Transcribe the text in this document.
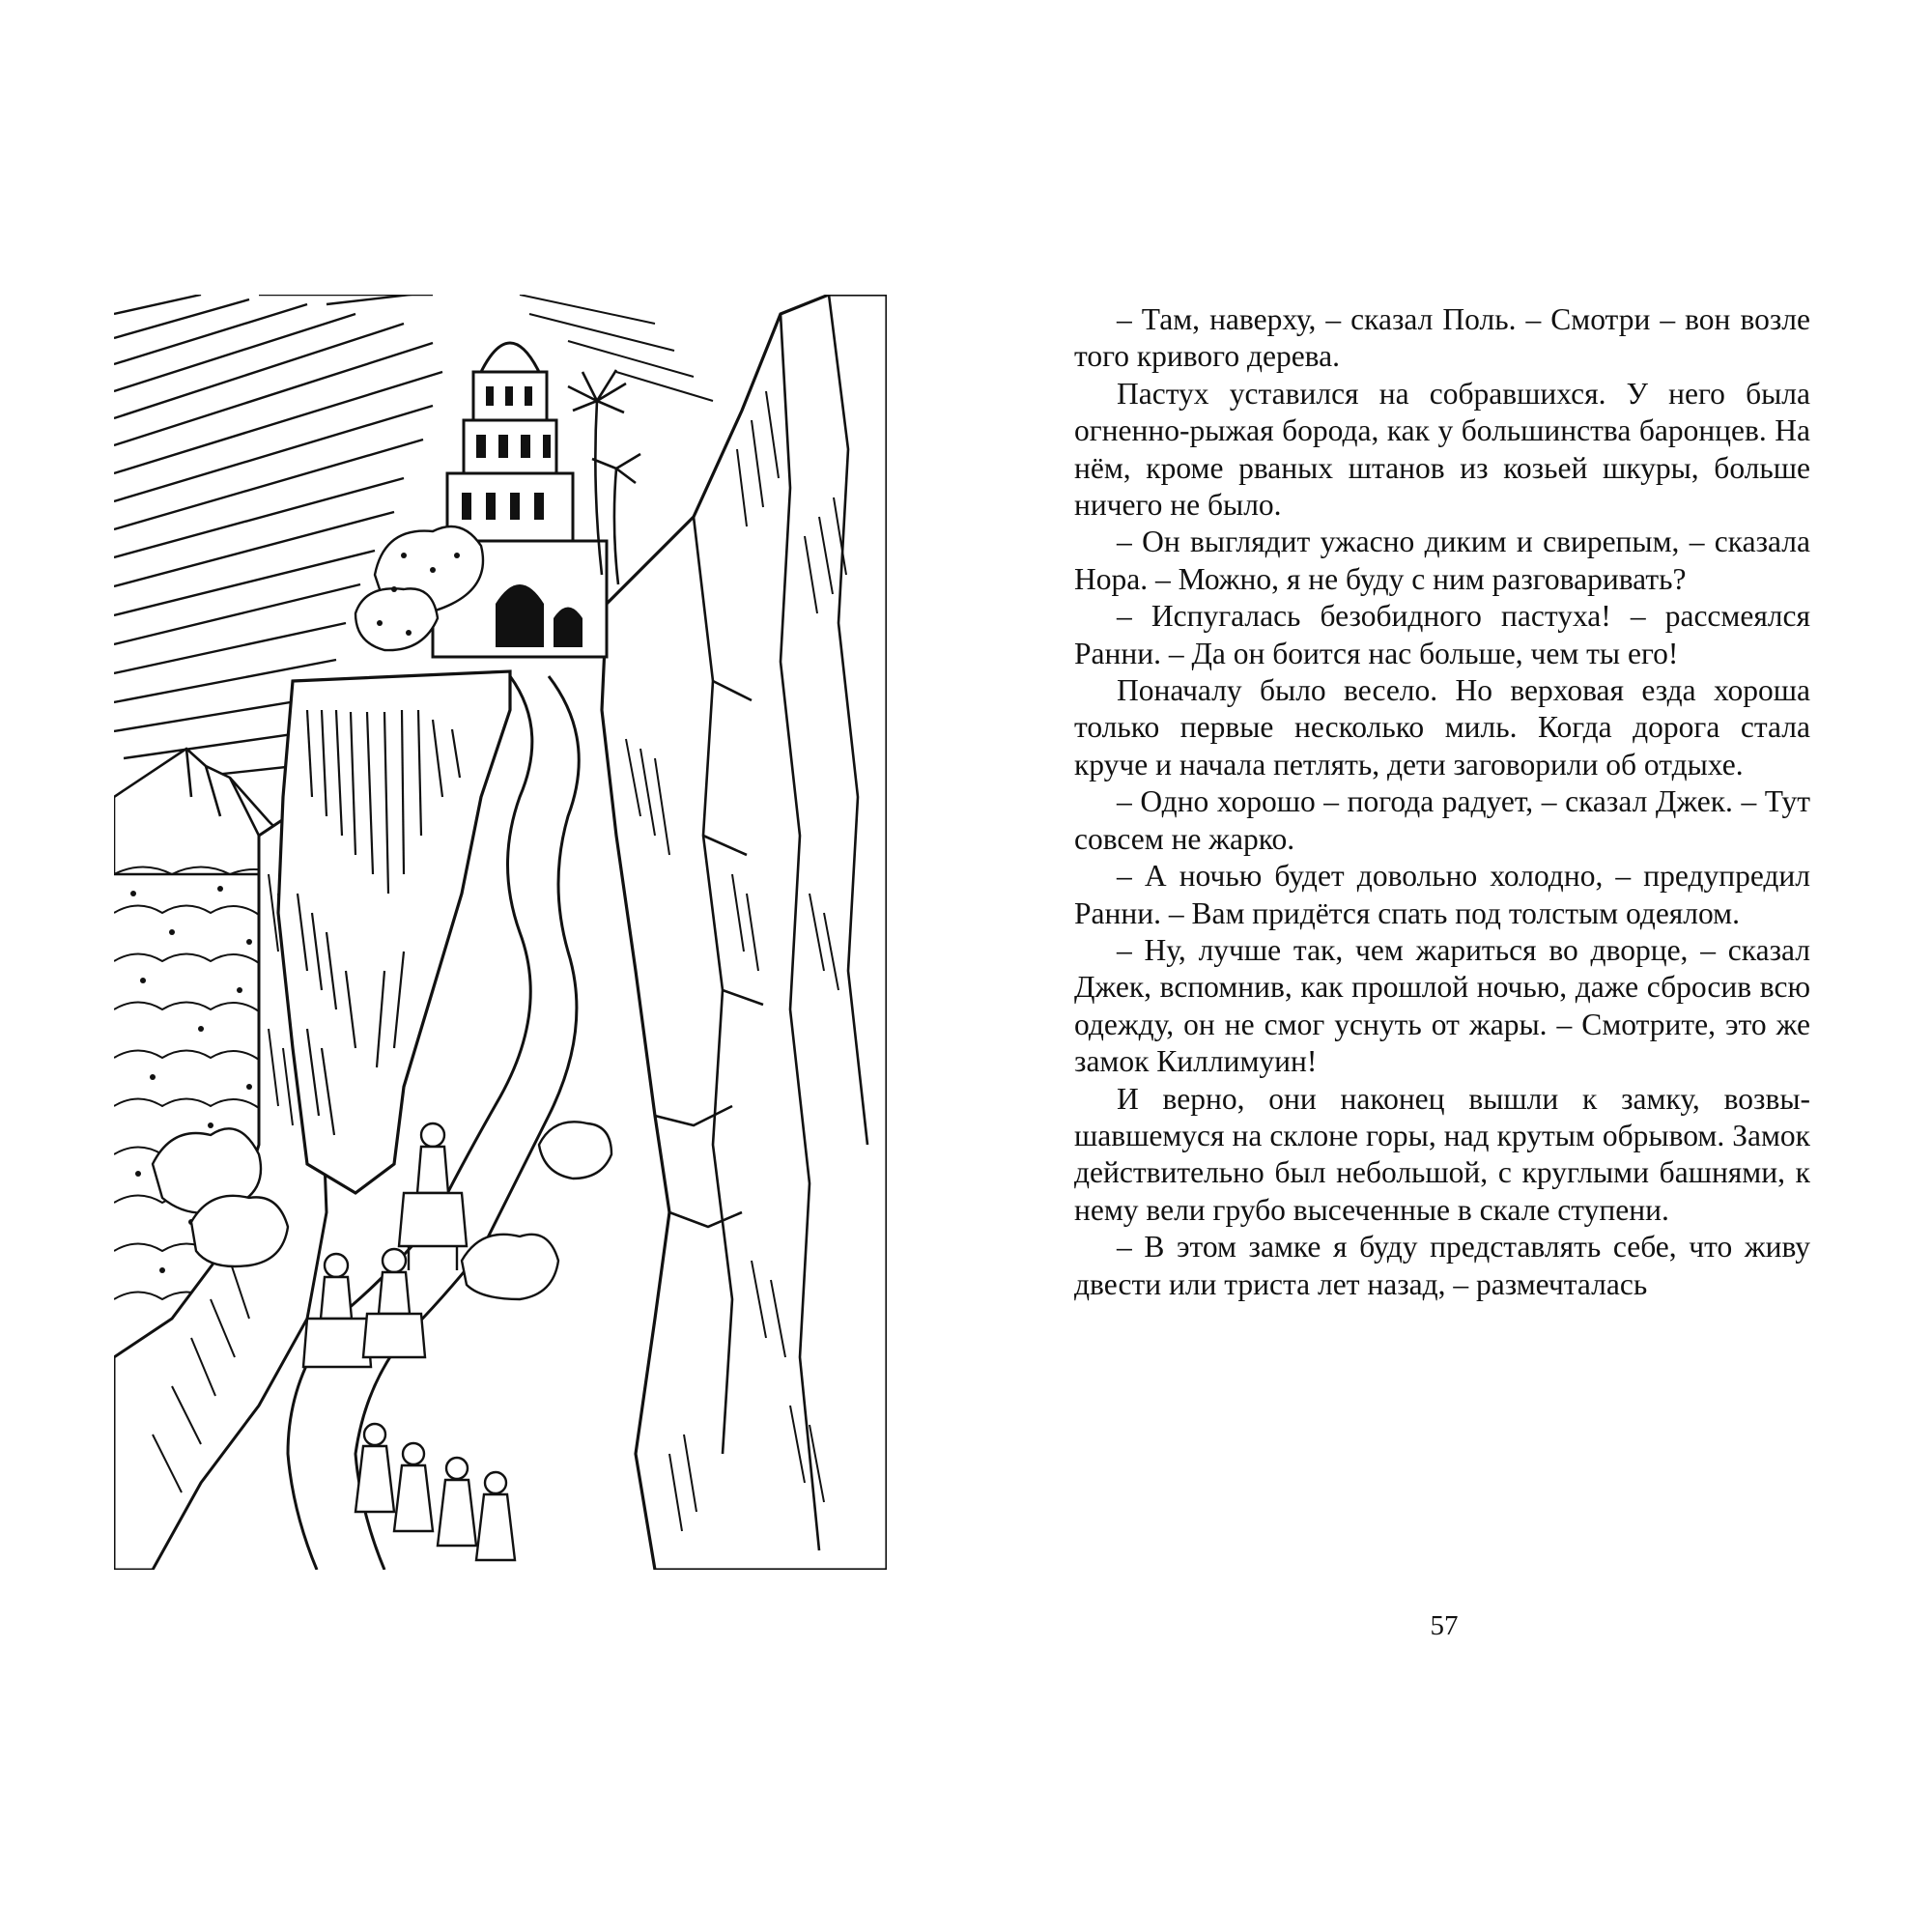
– Там, наверху, – сказал Поль. – Смотри – вон возле того кривого дерева.

Пастух уставился на собравшихся. У него была огненно-рыжая борода, как у большинства баронцев. На нём, кроме рваных штанов из козьей шкуры, больше ничего не было.

– Он выглядит ужасно диким и свирепым, – сказала Нора. – Можно, я не буду с ним разговаривать?

– Испугалась безобидного пастуха! – рассмеялся Ранни. – Да он боится нас больше, чем ты его!

Поначалу было весело. Но верховая езда хороша только первые несколько миль. Когда дорога стала круче и начала петлять, дети заговорили об отдыхе.

– Одно хорошо – погода радует, – сказал Джек. – Тут совсем не жарко.

– А ночью будет довольно холодно, – предупредил Ранни. – Вам придётся спать под толстым одеялом.

– Ну, лучше так, чем жариться во дворце, – сказал Джек, вспомнив, как прошлой ночью, даже сбросив всю одежду, он не смог уснуть от жары. – Смотрите, это же замок Киллимуин!

И верно, они наконец вышли к замку, возвышавшемуся на склоне горы, над крутым обрывом. Замок действительно был небольшой, с круглыми башнями, к нему вели грубо высеченные в скале ступени.

– В этом замке я буду представлять себе, что живу двести или триста лет назад, – размечталась

57
